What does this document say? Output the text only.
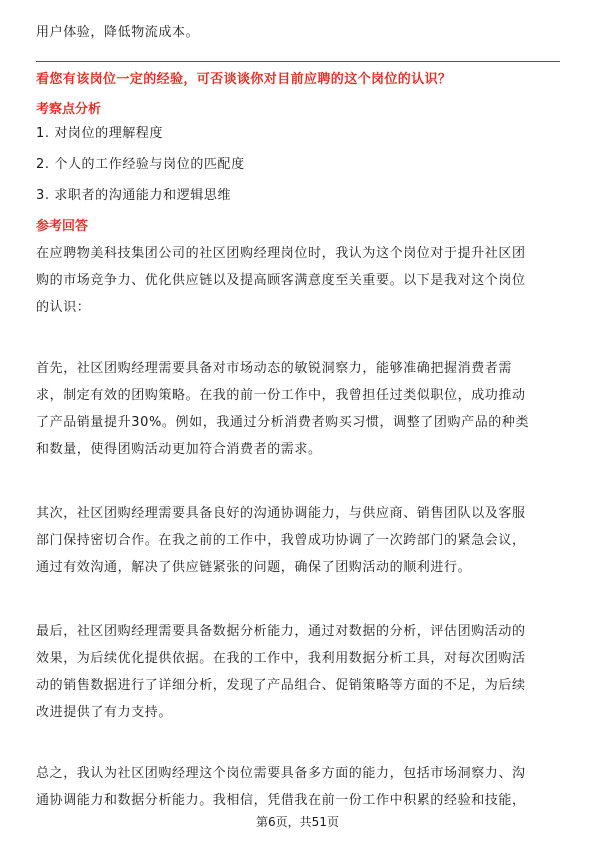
用户体验，降低物流成本。
看您有该岗位一定的经验，可否谈谈你对目前应聘的这个岗位的认识？
考察点分析
1. 对岗位的理解程度
2. 个人的工作经验与岗位的匹配度
3. 求职者的沟通能力和逻辑思维
参考回答
在应聘物美科技集团公司的社区团购经理岗位时，我认为这个岗位对于提升社区团
购的市场竞争力、优化供应链以及提高顾客满意度至关重要。以下是我对这个岗位
的认识：
首先，社区团购经理需要具备对市场动态的敏锐洞察力，能够准确把握消费者需
求，制定有效的团购策略。在我的前一份工作中，我曾担任过类似职位，成功推动
了产品销量提升30%。例如，我通过分析消费者购买习惯，调整了团购产品的种类
和数量，使得团购活动更加符合消费者的需求。
其次，社区团购经理需要具备良好的沟通协调能力，与供应商、销售团队以及客服
部门保持密切合作。在我之前的工作中，我曾成功协调了一次跨部门的紧急会议，
通过有效沟通，解决了供应链紧张的问题，确保了团购活动的顺利进行。
最后，社区团购经理需要具备数据分析能力，通过对数据的分析，评估团购活动的
效果，为后续优化提供依据。在我的工作中，我利用数据分析工具，对每次团购活
动的销售数据进行了详细分析，发现了产品组合、促销策略等方面的不足，为后续
改进提供了有力支持。
总之，我认为社区团购经理这个岗位需要具备多方面的能力，包括市场洞察力、沟
通协调能力和数据分析能力。我相信，凭借我在前一份工作中积累的经验和技能，
第6页，共51页
